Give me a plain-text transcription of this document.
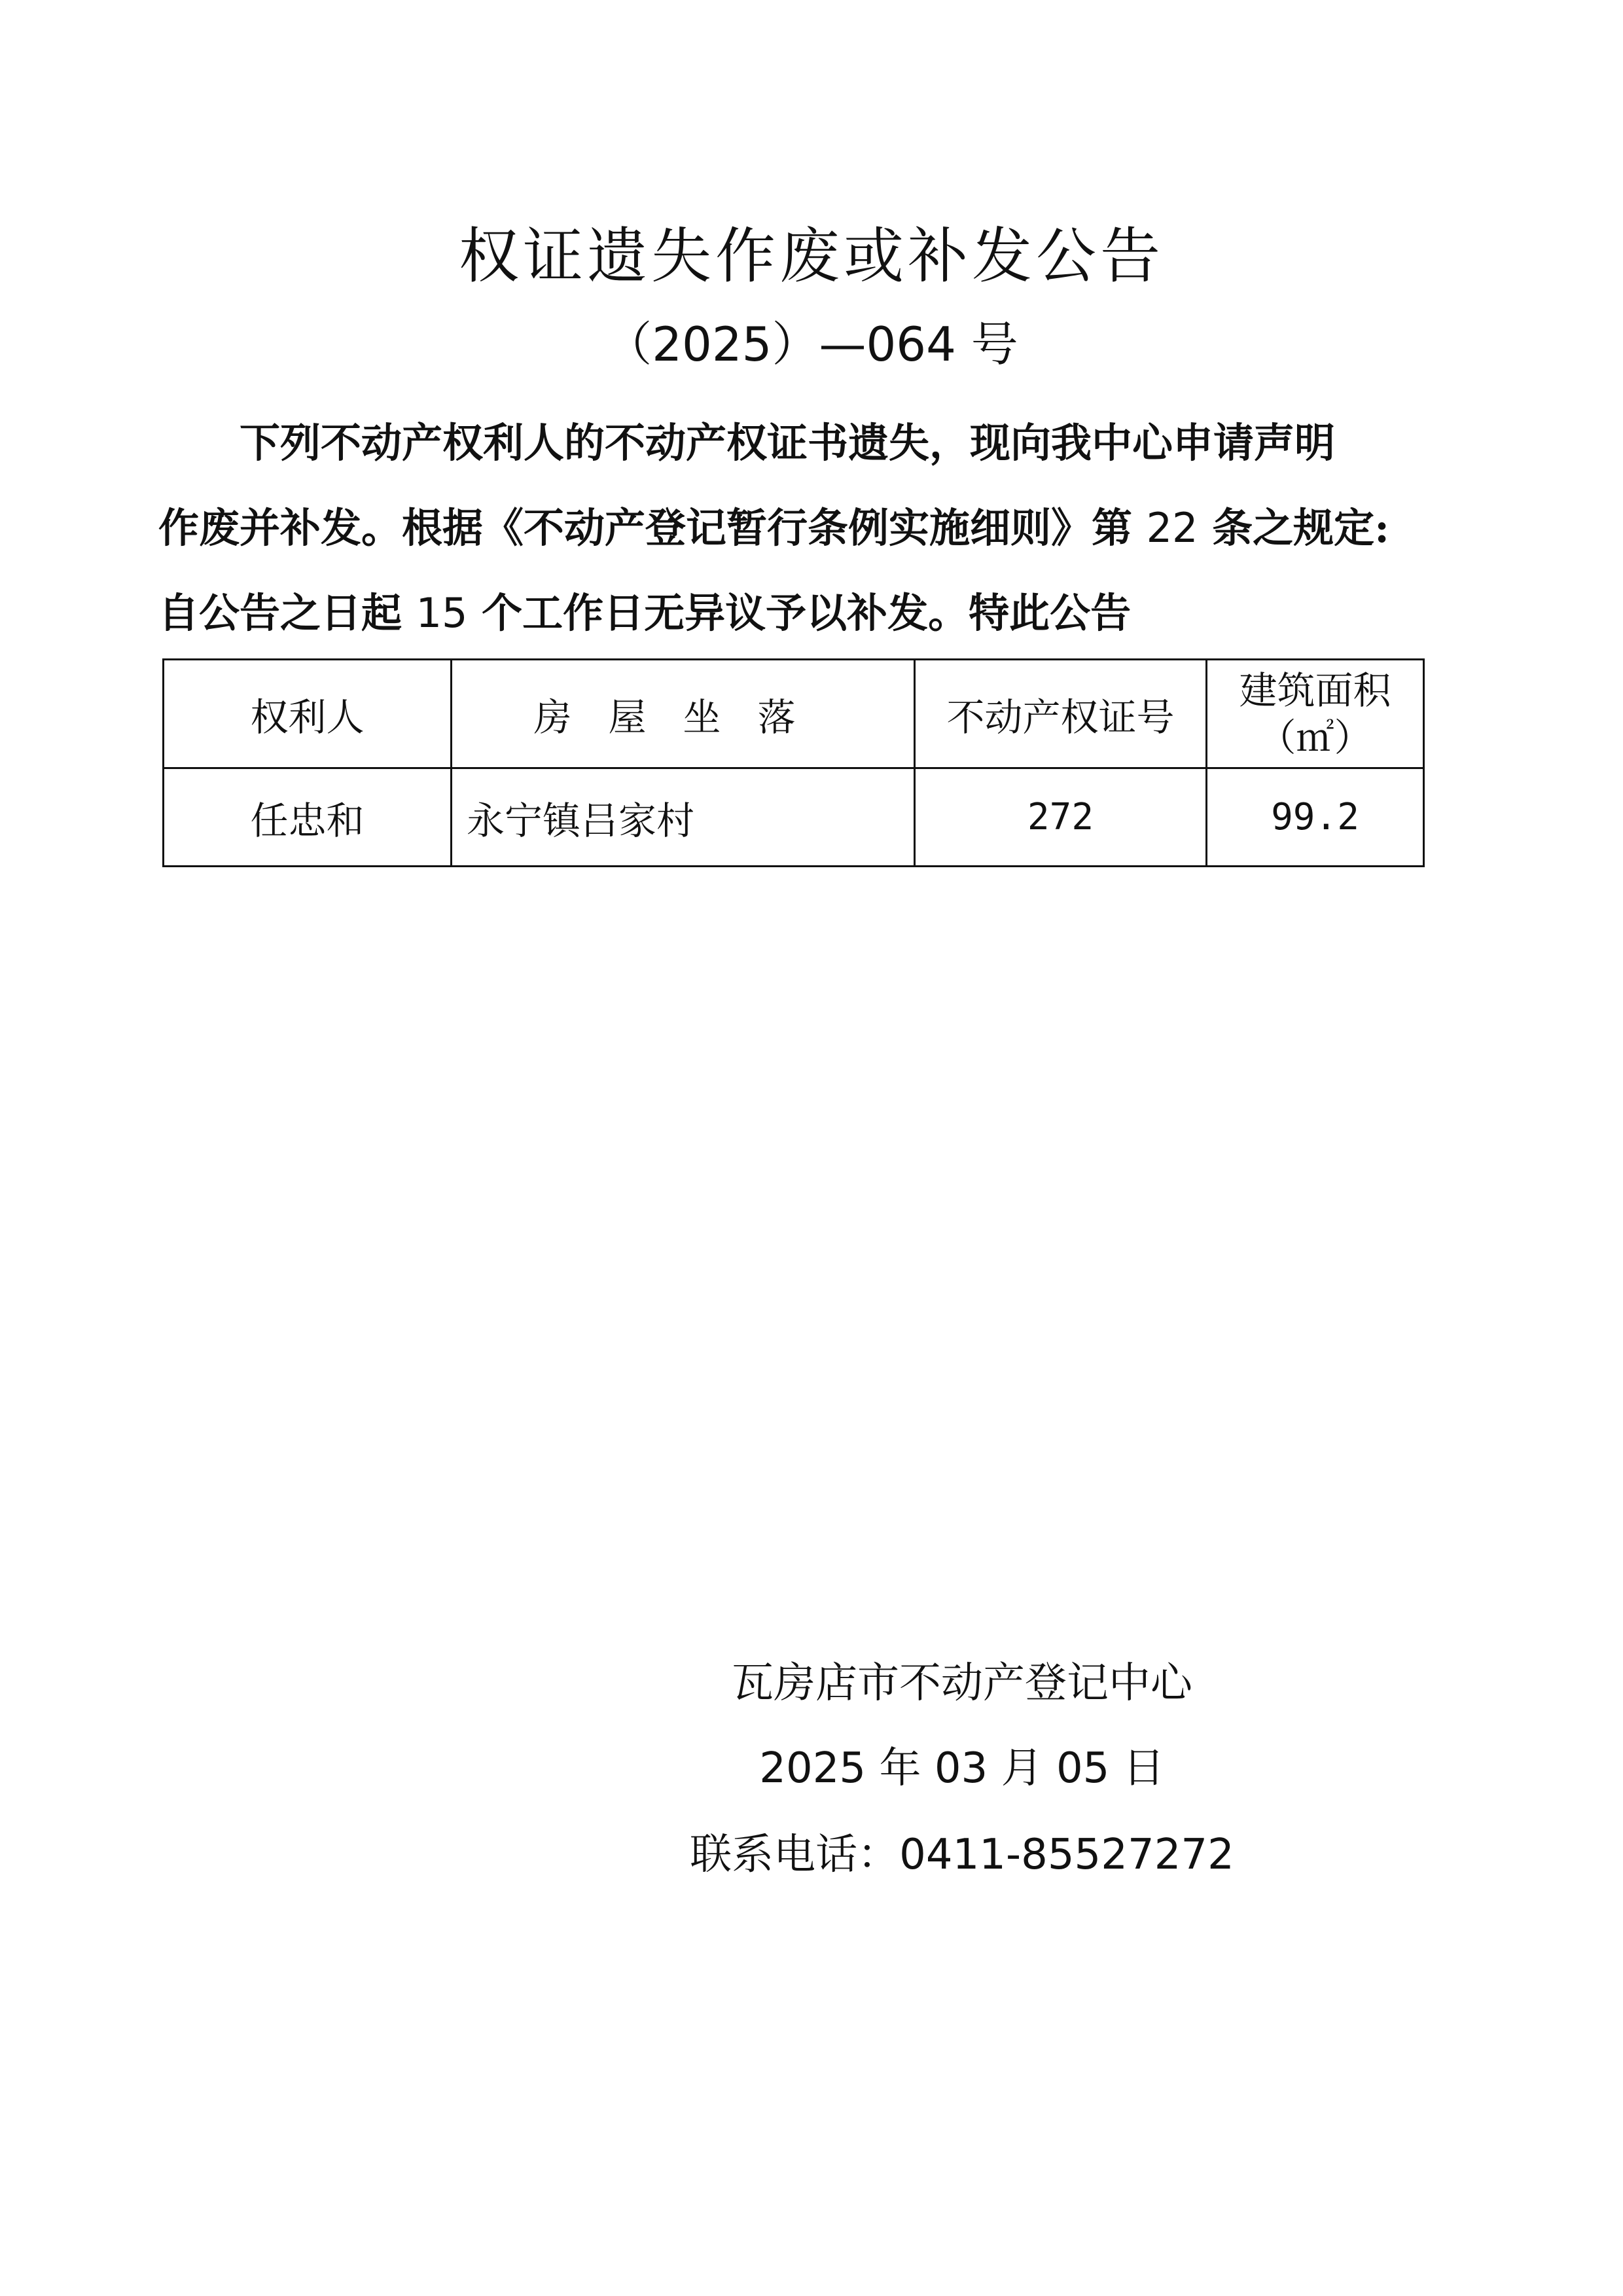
权证遗失作废或补发公告
（2025）—064 号
下列不动产权利人的不动产权证书遗失，现向我中心申请声明
作废并补发。根据《不动产登记暂行条例实施细则》第 22 条之规定:
自公告之日起 15 个工作日无异议予以补发。特此公告
权利人	房屋坐落	不动产权证号	建筑面积
（㎡）

任忠和	永宁镇吕家村	272	99.2
瓦房店市不动产登记中心
2025 年 03 月 05 日
联系电话：0411-85527272
